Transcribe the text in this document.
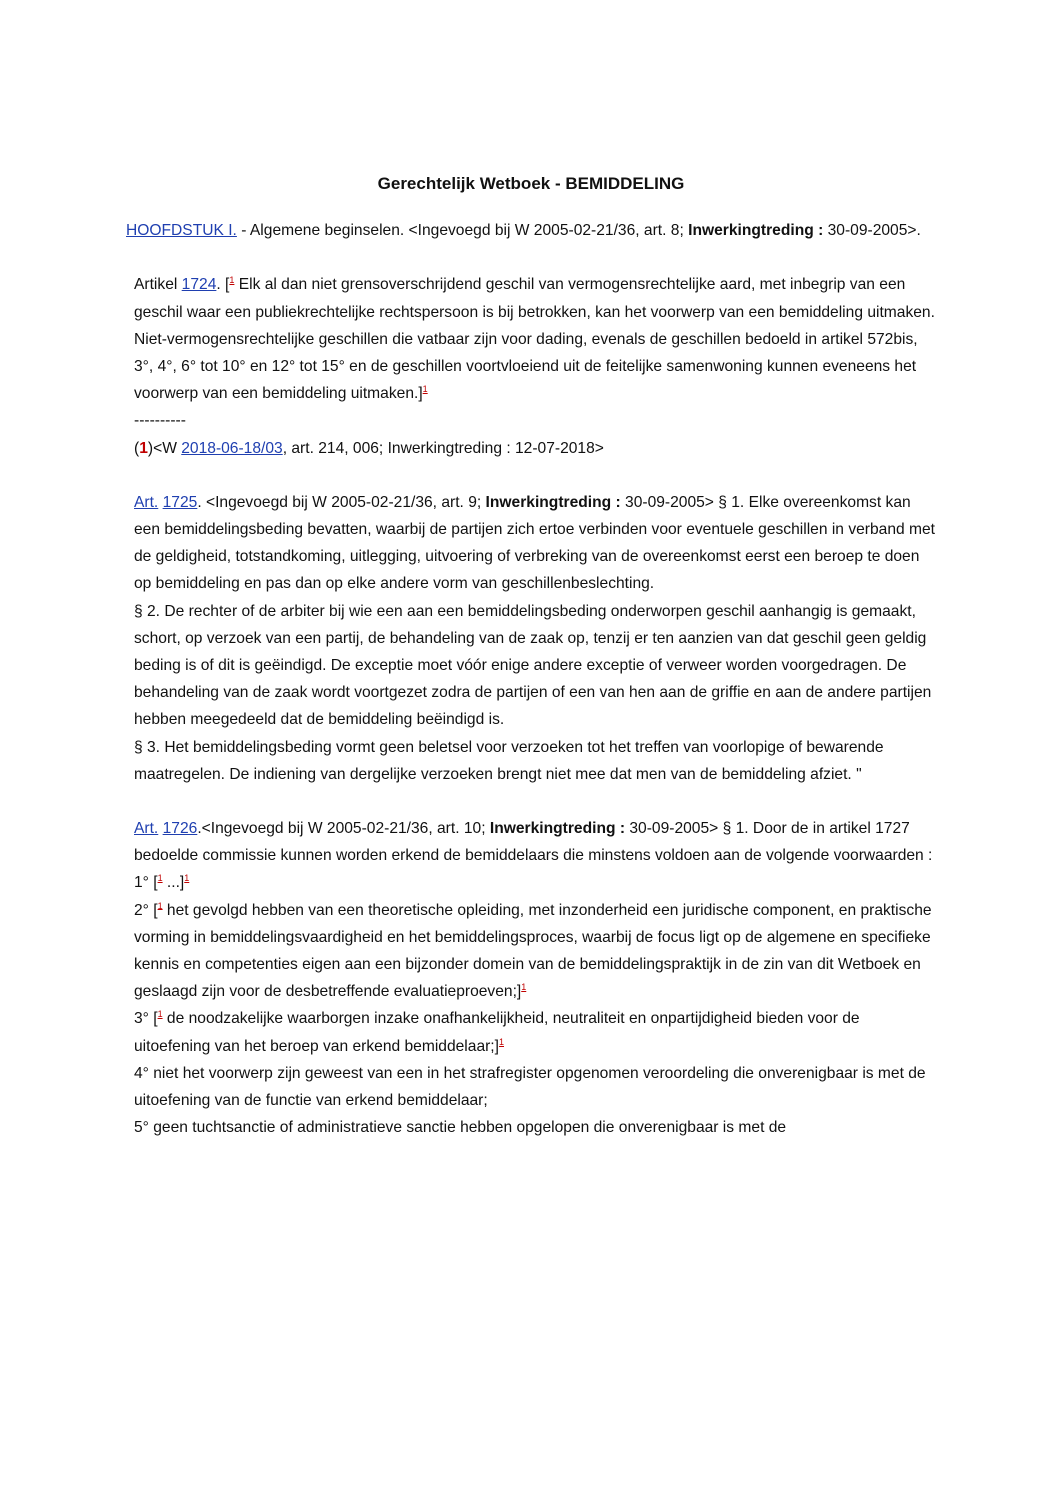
Gerechtelijk Wetboek - BEMIDDELING

HOOFDSTUK I. - Algemene beginselen. <Ingevoegd bij W 2005-02-21/36, art. 8; Inwerkingtreding : 30-09-2005>.

Artikel 1724. [$^1$ Elk al dan niet grensoverschrijdend geschil van vermogensrechtelijke aard, met inbegrip van een geschil waar een publiekrechtelijke rechtspersoon is bij betrokken, kan het voorwerp van een bemiddeling uitmaken. Niet-vermogensrechtelijke geschillen die vatbaar zijn voor dading, evenals de geschillen bedoeld in artikel 572bis, 3°, 4°, 6° tot 10° en 12° tot 15° en de geschillen voortvloeiend uit de feitelijke samenwoning kunnen eveneens het voorwerp van een bemiddeling uitmaken.]$^1$

----------

(1)<W 2018-06-18/03, art. 214, 006; Inwerkingtreding : 12-07-2018>

Art. 1725. <Ingevoegd bij W 2005-02-21/36, art. 9; Inwerkingtreding : 30-09-2005> § 1. Elke overeenkomst kan een bemiddelingsbeding bevatten, waarbij de partijen zich ertoe verbinden voor eventuele geschillen in verband met de geldigheid, totstandkoming, uitlegging, uitvoering of verbreking van de overeenkomst eerst een beroep te doen op bemiddeling en pas dan op elke andere vorm van geschillenbeslechting.

§ 2. De rechter of de arbiter bij wie een aan een bemiddelingsbeding onderworpen geschil aanhangig is gemaakt, schort, op verzoek van een partij, de behandeling van de zaak op, tenzij er ten aanzien van dat geschil geen geldig beding is of dit is geëindigd. De exceptie moet vóór enige andere exceptie of verweer worden voorgedragen. De behandeling van de zaak wordt voortgezet zodra de partijen of een van hen aan de griffie en aan de andere partijen hebben meegedeeld dat de bemiddeling beëindigd is.

§ 3. Het bemiddelingsbeding vormt geen beletsel voor verzoeken tot het treffen van voorlopige of bewarende maatregelen. De indiening van dergelijke verzoeken brengt niet mee dat men van de bemiddeling afziet. "

Art. 1726.<Ingevoegd bij W 2005-02-21/36, art. 10; Inwerkingtreding : 30-09-2005> § 1. Door de in artikel 1727 bedoelde commissie kunnen worden erkend de bemiddelaars die minstens voldoen aan de volgende voorwaarden :

1° [$^1$ ...]$^1$

2° [$^1$ het gevolgd hebben van een theoretische opleiding, met inzonderheid een juridische component, en praktische vorming in bemiddelingsvaardigheid en het bemiddelingsproces, waarbij de focus ligt op de algemene en specifieke kennis en competenties eigen aan een bijzonder domein van de bemiddelingspraktijk in de zin van dit Wetboek en geslaagd zijn voor de desbetreffende evaluatieproeven;]$^1$

3° [$^1$ de noodzakelijke waarborgen inzake onafhankelijkheid, neutraliteit en onpartijdigheid bieden voor de uitoefening van het beroep van erkend bemiddelaar;]$^1$

4° niet het voorwerp zijn geweest van een in het strafregister opgenomen veroordeling die onverenigbaar is met de uitoefening van de functie van erkend bemiddelaar;

5° geen tuchtsanctie of administratieve sanctie hebben opgelopen die onverenigbaar is met de
